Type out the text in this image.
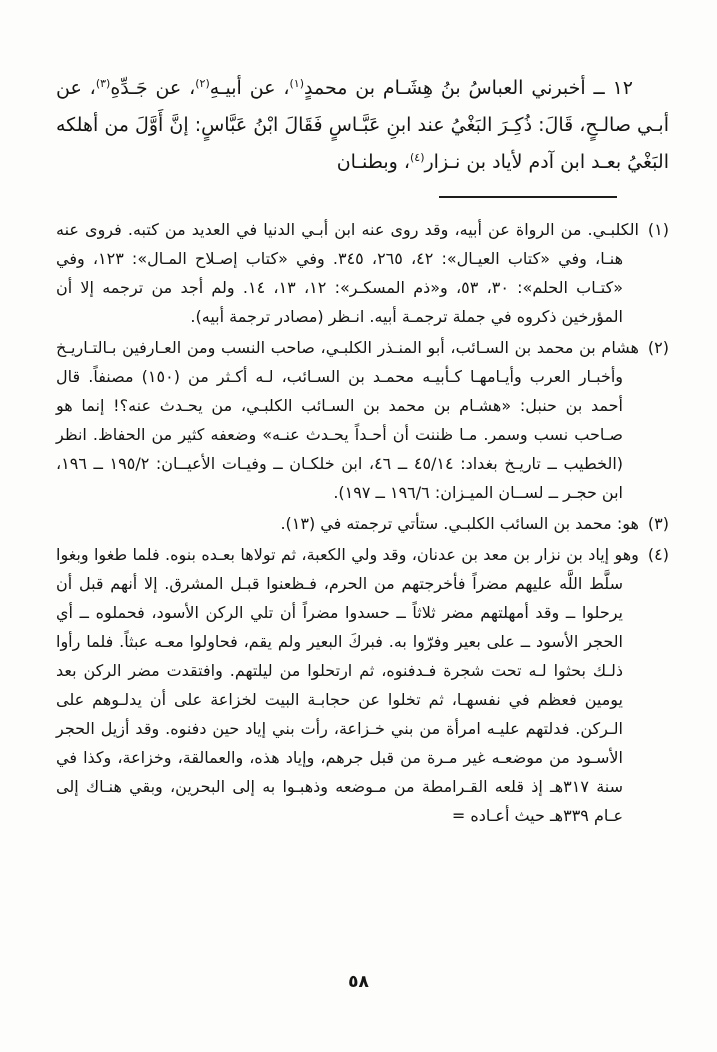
١٢ ــ أخبرني العباسُ بنُ هِشَـام بن محمدٍ$^{(١)}$، عن أبيـهِ$^{(٢)}$، عن جَـدِّهِ$^{(٣)}$، عن أبـي صالـحٍ، قَالَ: ذُكِـرَ البَغْيُ عند ابنِ عَبَّـاسٍ فَقَالَ ابْنُ عَبَّاسٍ: إنَّ أَوَّلَ من أهلكه البَغْيُ بعـد ابن آدم لأياد بن نـزار$^{(٤)}$، وبطنـان

(١)الكلبـي. من الرواة عن أبيه، وقد روى عنه ابن أبـي الدنيا في العديد من كتبه. فروى عنه هنـا، وفي «كتاب العيـال»: ٤٢، ٢٦٥، ٣٤٥. وفي «كتاب إصـلاح المـال»: ١٢٣، وفي «كتـاب الحلم»: ٣٠، ٥٣، و«ذم المسكـر»: ١٢، ١٣، ١٤. ولم أجد من ترجمه إلا أن المؤرخين ذكروه في جملة ترجمـة أبيه. انـظر (مصادر ترجمة أبيه).
(٢)هشام بن محمد بن السـائب، أبو المنـذر الكلبـي، صاحب النسب ومن العـارفين بـالتـاريـخ وأخبـار العرب وأيـامهـا كـأبيـه محمـد بن السـائب، لـه أكـثر من (١٥٠) مصنفاً. قال أحمد بن حنبل: «هشـام بن محمد بن السـائب الكلبـي، من يحـدث عنه؟! إنما هو صـاحب نسب وسمر. مـا ظننت أن أحـداً يحـدث عنـه» وضعفه كثير من الحفاظ. انظر (الخطيب ــ تاريـخ بغداد: ٤٥/١٤ ــ ٤٦، ابن خلكـان ــ وفيـات الأعيــان: ١٩٥/٢ ــ ١٩٦، ابن حجـر ــ لســان الميـزان: ١٩٦/٦ ــ ١٩٧).
(٣)هو: محمد بن السائب الكلبـي. ستأتي ترجمته في (١٣).
(٤)وهو إياد بن نزار بن معد بن عدنان، وقد ولي الكعبة، ثم تولاها بعـده بنوه. فلما طغوا وبغوا سلَّط اللَّه عليهم مضراً فأخرجتهم من الحرم، فـظعنوا قبـل المشرق. إلا أنهم قبل أن يرحلوا ــ وقد أمهلتهم مضر ثلاثاً ــ حسدوا مضراً أن تلي الركن الأسود، فحملوه ــ أي الحجر الأسود ــ على بعير وفرّوا به. فبركَ البعير ولم يقم، فحاولوا معـه عبثاً. فلما رأوا ذلـك بحثوا لـه تحت شجرة فـدفنوه، ثم ارتحلوا من ليلتهم. وافتقدت مضر الركن بعد يومين فعظم في نفسهـا، ثم تخلوا عن حجابـة البيت لخزاعة على أن يدلـوهم على الـركن. فدلتهم عليـه امرأة من بني خـزاعة، رأت بني إياد حين دفنوه. وقد أزيل الحجر الأسـود من موضعـه غير مـرة من قبل جرهم، وإياد هذه، والعمالقة، وخزاعة، وكذا في سنة ٣١٧هـ إذ قلعه القـرامطة من مـوضعه وذهبـوا به إلى البحرين، وبقي هنـاك إلى عـام ٣٣٩هـ حيث أعـاده =
٥٨
